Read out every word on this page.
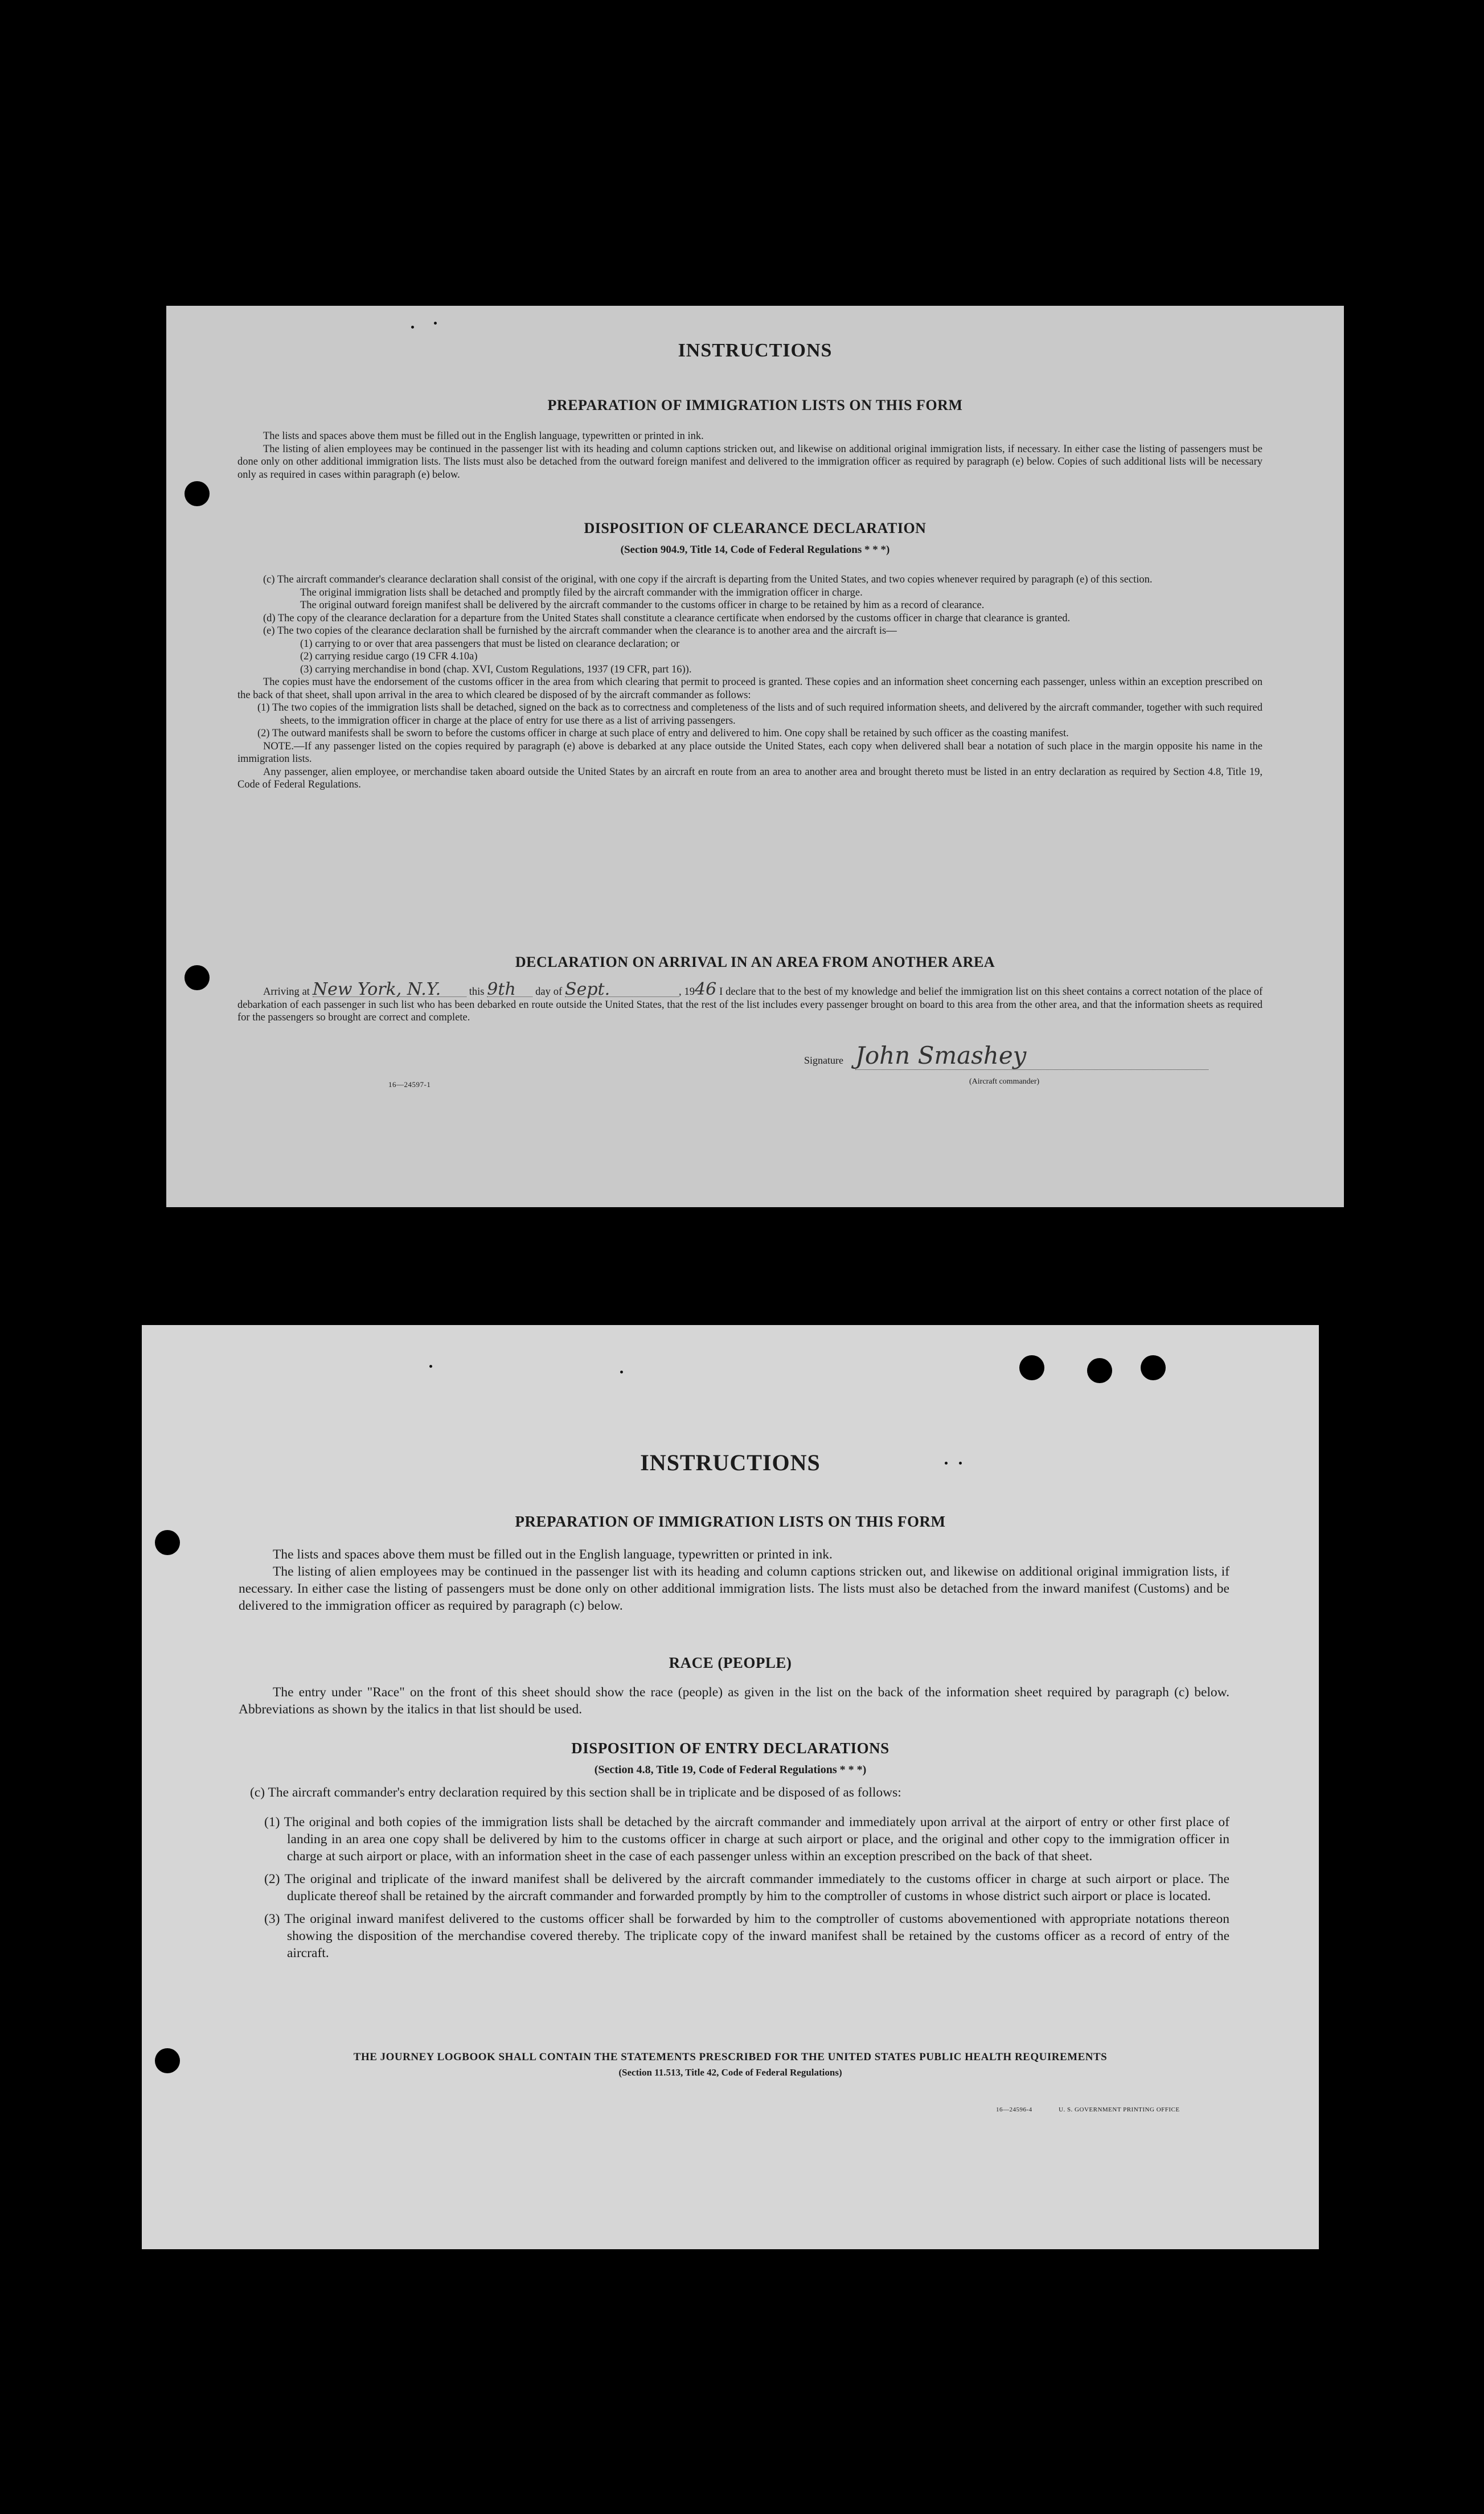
INSTRUCTIONS
PREPARATION OF IMMIGRATION LISTS ON THIS FORM

The lists and spaces above them must be filled out in the English language, typewritten or printed in ink.

The listing of alien employees may be continued in the passenger list with its heading and column captions stricken out, and likewise on additional original immigration lists, if necessary. In either case the listing of passengers must be done only on other additional immigration lists. The lists must also be detached from the outward foreign manifest and delivered to the immigration officer as required by paragraph (e) below. Copies of such additional lists will be necessary only as required in cases within paragraph (e) below.

DISPOSITION OF CLEARANCE DECLARATION
(Section 904.9, Title 14, Code of Federal Regulations * * *)

(c) The aircraft commander's clearance declaration shall consist of the original, with one copy if the aircraft is departing from the United States, and two copies whenever required by paragraph (e) of this section.

The original immigration lists shall be detached and promptly filed by the aircraft commander with the immigration officer in charge.

The original outward foreign manifest shall be delivered by the aircraft commander to the customs officer in charge to be retained by him as a record of clearance.

(d) The copy of the clearance declaration for a departure from the United States shall constitute a clearance certificate when endorsed by the customs officer in charge that clearance is granted.

(e) The two copies of the clearance declaration shall be furnished by the aircraft commander when the clearance is to another area and the aircraft is—

(1) carrying to or over that area passengers that must be listed on clearance declaration; or

(2) carrying residue cargo (19 CFR 4.10a)

(3) carrying merchandise in bond (chap. XVI, Custom Regulations, 1937 (19 CFR, part 16)).

The copies must have the endorsement of the customs officer in the area from which clearing that permit to proceed is granted. These copies and an information sheet concerning each passenger, unless within an exception prescribed on the back of that sheet, shall upon arrival in the area to which cleared be disposed of by the aircraft commander as follows:

(1) The two copies of the immigration lists shall be detached, signed on the back as to correctness and completeness of the lists and of such required information sheets, and delivered by the aircraft commander, together with such required sheets, to the immigration officer in charge at the place of entry for use there as a list of arriving passengers.

(2) The outward manifests shall be sworn to before the customs officer in charge at such place of entry and delivered to him. One copy shall be retained by such officer as the coasting manifest.

NOTE.—If any passenger listed on the copies required by paragraph (e) above is debarked at any place outside the United States, each copy when delivered shall bear a notation of such place in the margin opposite his name in the immigration lists.

Any passenger, alien employee, or merchandise taken aboard outside the United States by an aircraft en route from an area to another area and brought thereto must be listed in an entry declaration as required by Section 4.8, Title 19, Code of Federal Regulations.

DECLARATION ON ARRIVAL IN AN AREA FROM ANOTHER AREA

Arriving at New York, N.Y.	this 9th day of Sept.	, 1946 I declare that to the best of my knowledge and belief the immigration list on this sheet contains a correct notation of the place of debarkation of each passenger in such list who has been debarked en route outside the United States, that the rest of the list includes every passenger brought on board to this area from the other area, and that the information sheets as required for the passengers so brought are correct and complete.

16—24597-1
Signature John Smashey
(Aircraft commander)
INSTRUCTIONS
PREPARATION OF IMMIGRATION LISTS ON THIS FORM

The lists and spaces above them must be filled out in the English language, typewritten or printed in ink.

The listing of alien employees may be continued in the passenger list with its heading and column captions stricken out, and likewise on additional original immigration lists, if necessary. In either case the listing of passengers must be done only on other additional immigration lists. The lists must also be detached from the inward manifest (Customs) and be delivered to the immigration officer as required by paragraph (c) below.

RACE (PEOPLE)

The entry under "Race" on the front of this sheet should show the race (people) as given in the list on the back of the information sheet required by paragraph (c) below. Abbreviations as shown by the italics in that list should be used.

DISPOSITION OF ENTRY DECLARATIONS
(Section 4.8, Title 19, Code of Federal Regulations * * *)

(c) The aircraft commander's entry declaration required by this section shall be in triplicate and be disposed of as follows:

(1) The original and both copies of the immigration lists shall be detached by the aircraft commander and immediately upon arrival at the airport of entry or other first place of landing in an area one copy shall be delivered by him to the customs officer in charge at such airport or place, and the original and other copy to the immigration officer in charge at such airport or place, with an information sheet in the case of each passenger unless within an exception prescribed on the back of that sheet.

(2) The original and triplicate of the inward manifest shall be delivered by the aircraft commander immediately to the customs officer in charge at such airport or place. The duplicate thereof shall be retained by the aircraft commander and forwarded promptly by him to the comptroller of customs in whose district such airport or place is located.

(3) The original inward manifest delivered to the customs officer shall be forwarded by him to the comptroller of customs abovementioned with appropriate notations thereon showing the disposition of the merchandise covered thereby. The triplicate copy of the inward manifest shall be retained by the customs officer as a record of entry of the aircraft.

THE JOURNEY LOGBOOK SHALL CONTAIN THE STATEMENTS PRESCRIBED FOR THE UNITED STATES PUBLIC HEALTH REQUIREMENTS
(Section 11.513, Title 42, Code of Federal Regulations)
16—24596-4	U. S. GOVERNMENT PRINTING OFFICE
